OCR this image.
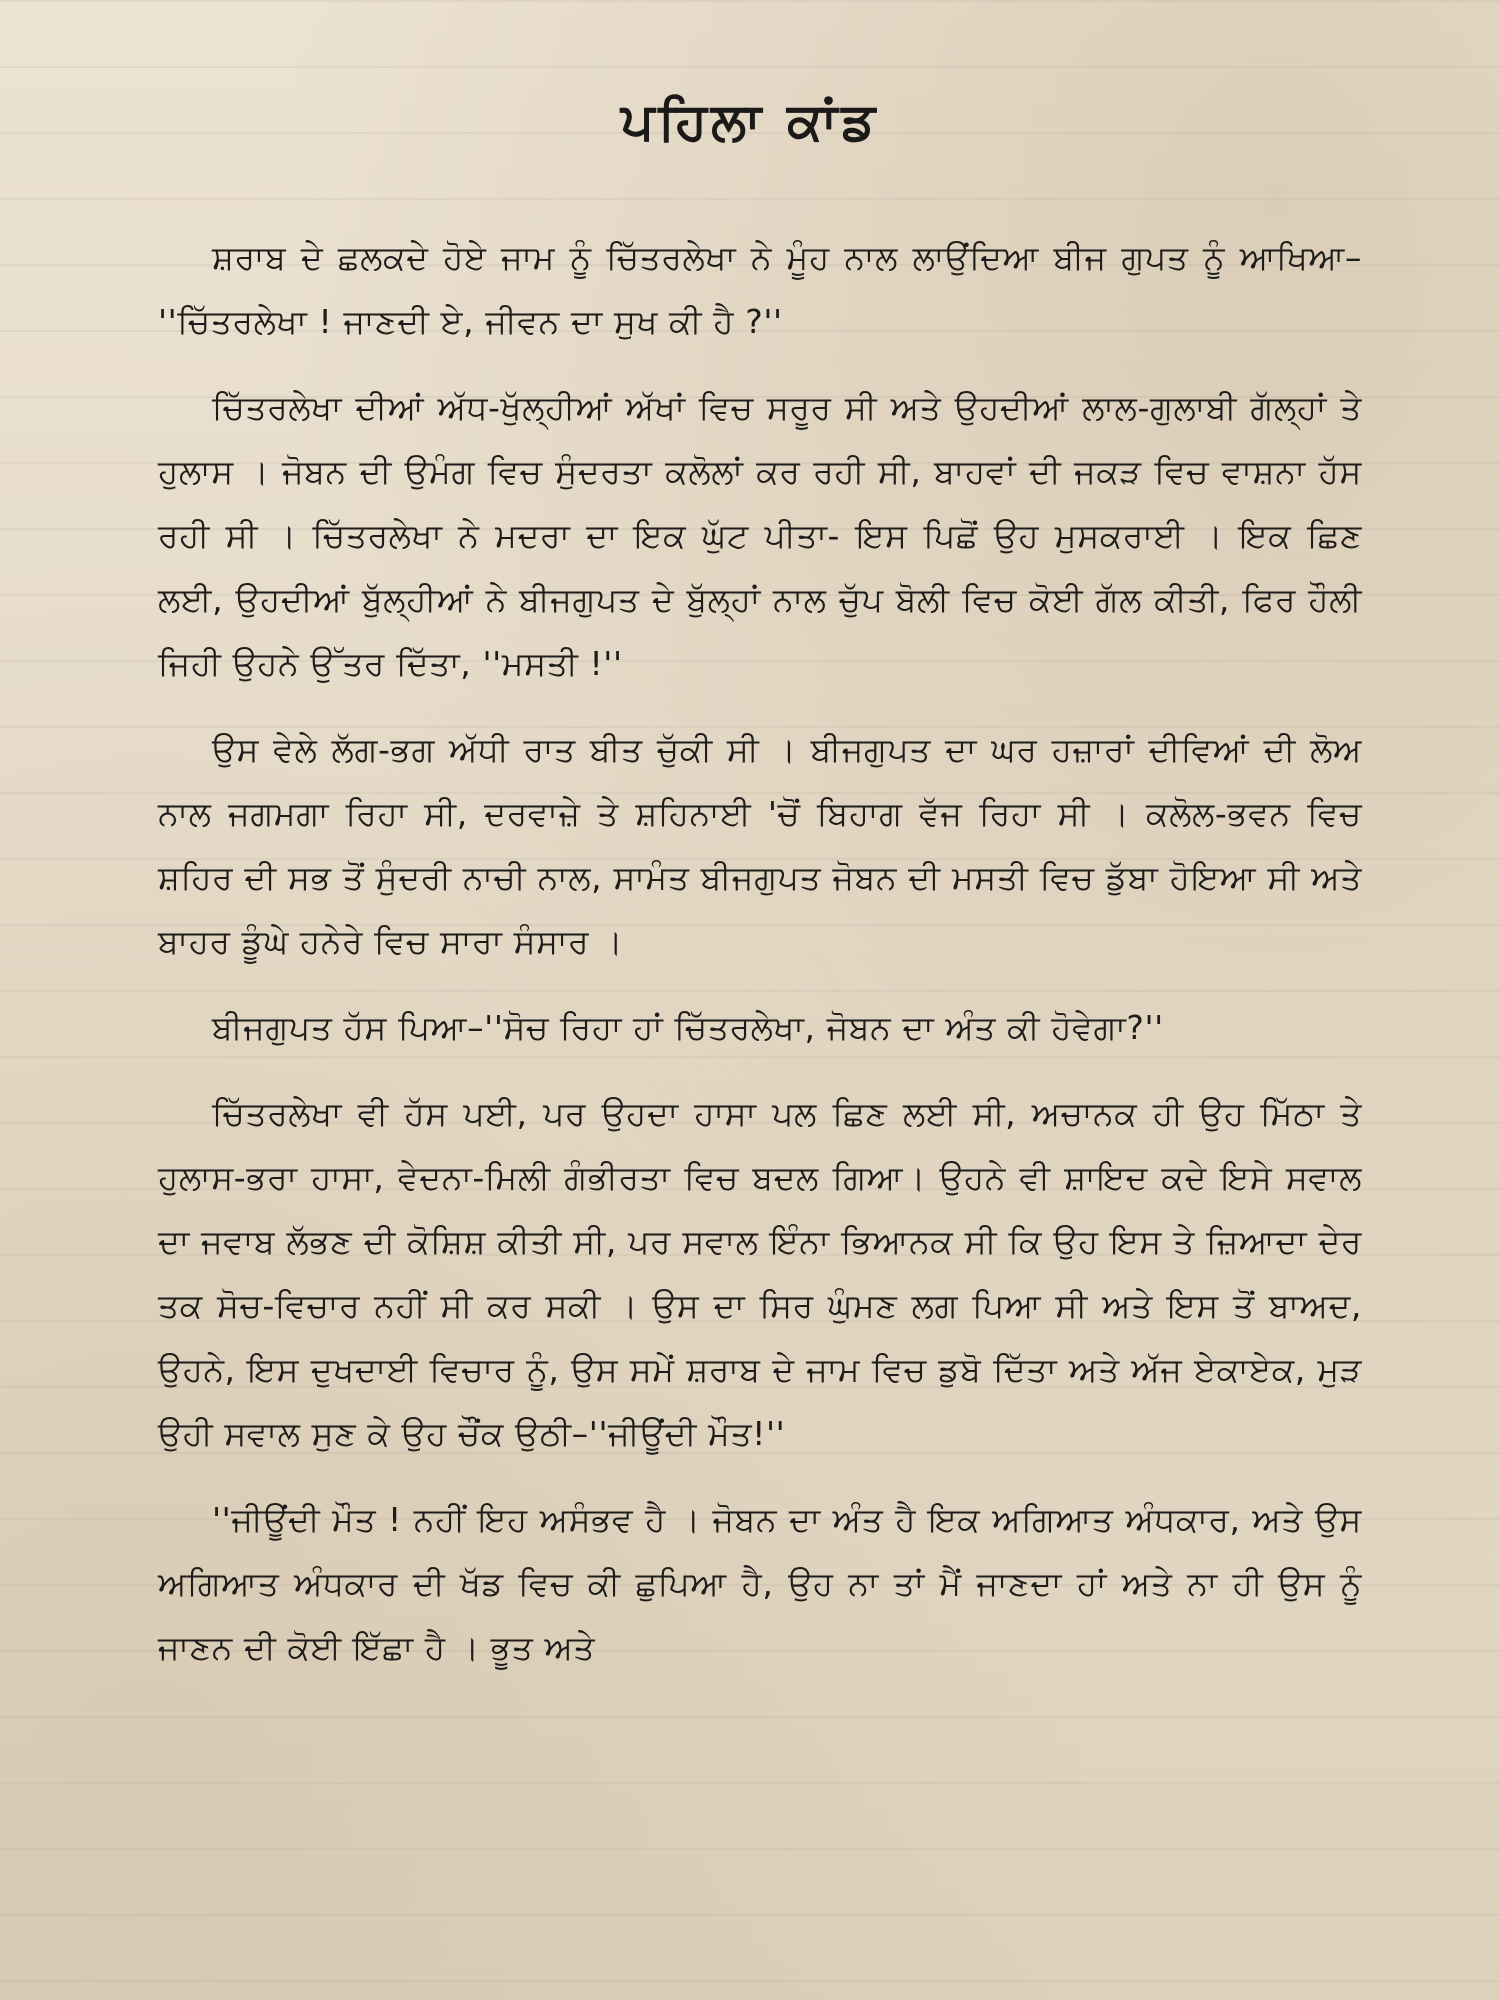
ਪਹਿਲਾ ਕਾਂਡ

ਸ਼ਰਾਬ ਦੇ ਛਲਕਦੇ ਹੋਏ ਜਾਮ ਨੂੰ ਚਿੱਤਰਲੇਖਾ ਨੇ ਮੂੰਹ ਨਾਲ ਲਾਉਂਦਿਆ ਬੀਜ ਗੁਪਤ ਨੂੰ ਆਖਿਆ– ''ਚਿੱਤਰਲੇਖਾ ! ਜਾਣਦੀ ਏ, ਜੀਵਨ ਦਾ ਸੁਖ ਕੀ ਹੈ ?''

ਚਿੱਤਰਲੇਖਾ ਦੀਆਂ ਅੱਧ-ਖੁੱਲ੍ਹੀਆਂ ਅੱਖਾਂ ਵਿਚ ਸਰੂਰ ਸੀ ਅਤੇ ਉਹਦੀਆਂ ਲਾਲ-ਗੁਲਾਬੀ ਗੱਲ੍ਹਾਂ ਤੇ ਹੁਲਾਸ । ਜੋਬਨ ਦੀ ਉਮੰਗ ਵਿਚ ਸੁੰਦਰਤਾ ਕਲੋਲਾਂ ਕਰ ਰਹੀ ਸੀ, ਬਾਹਵਾਂ ਦੀ ਜਕੜ ਵਿਚ ਵਾਸ਼ਨਾ ਹੱਸ ਰਹੀ ਸੀ । ਚਿੱਤਰਲੇਖਾ ਨੇ ਮਦਰਾ ਦਾ ਇਕ ਘੁੱਟ ਪੀਤਾ- ਇਸ ਪਿਛੋਂ ਉਹ ਮੁਸਕਰਾਈ । ਇਕ ਛਿਣ ਲਈ, ਉਹਦੀਆਂ ਬੁੱਲ੍ਹੀਆਂ ਨੇ ਬੀਜਗੁਪਤ ਦੇ ਬੁੱਲ੍ਹਾਂ ਨਾਲ ਚੁੱਪ ਬੋਲੀ ਵਿਚ ਕੋਈ ਗੱਲ ਕੀਤੀ, ਫਿਰ ਹੌਲੀ ਜਿਹੀ ਉਹਨੇ ਉੱਤਰ ਦਿੱਤਾ, ''ਮਸਤੀ !''

ਉਸ ਵੇਲੇ ਲੱਗ-ਭਗ ਅੱਧੀ ਰਾਤ ਬੀਤ ਚੁੱਕੀ ਸੀ । ਬੀਜਗੁਪਤ ਦਾ ਘਰ ਹਜ਼ਾਰਾਂ ਦੀਵਿਆਂ ਦੀ ਲੋਅ ਨਾਲ ਜਗਮਗਾ ਰਿਹਾ ਸੀ, ਦਰਵਾਜ਼ੇ ਤੇ ਸ਼ਹਿਨਾਈ 'ਚੋਂ ਬਿਹਾਗ ਵੱਜ ਰਿਹਾ ਸੀ । ਕਲੋਲ-ਭਵਨ ਵਿਚ ਸ਼ਹਿਰ ਦੀ ਸਭ ਤੋਂ ਸੁੰਦਰੀ ਨਾਚੀ ਨਾਲ, ਸਾਮੰਤ ਬੀਜਗੁਪਤ ਜੋਬਨ ਦੀ ਮਸਤੀ ਵਿਚ ਡੁੱਬਾ ਹੋਇਆ ਸੀ ਅਤੇ ਬਾਹਰ ਡੂੰਘੇ ਹਨੇਰੇ ਵਿਚ ਸਾਰਾ ਸੰਸਾਰ ।

ਬੀਜਗੁਪਤ ਹੱਸ ਪਿਆ–''ਸੋਚ ਰਿਹਾ ਹਾਂ ਚਿੱਤਰਲੇਖਾ, ਜੋਬਨ ਦਾ ਅੰਤ ਕੀ ਹੋਵੇਗਾ?''

ਚਿੱਤਰਲੇਖਾ ਵੀ ਹੱਸ ਪਈ, ਪਰ ਉਹਦਾ ਹਾਸਾ ਪਲ ਛਿਣ ਲਈ ਸੀ, ਅਚਾਨਕ ਹੀ ਉਹ ਮਿੱਠਾ ਤੇ ਹੁਲਾਸ-ਭਰਾ ਹਾਸਾ, ਵੇਦਨਾ-ਮਿਲੀ ਗੰਭੀਰਤਾ ਵਿਚ ਬਦਲ ਗਿਆ। ਉਹਨੇ ਵੀ ਸ਼ਾਇਦ ਕਦੇ ਇਸੇ ਸਵਾਲ ਦਾ ਜਵਾਬ ਲੱਭਣ ਦੀ ਕੋਸ਼ਿਸ਼ ਕੀਤੀ ਸੀ, ਪਰ ਸਵਾਲ ਇੰਨਾ ਭਿਆਨਕ ਸੀ ਕਿ ਉਹ ਇਸ ਤੇ ਜ਼ਿਆਦਾ ਦੇਰ ਤਕ ਸੋਚ-ਵਿਚਾਰ ਨਹੀਂ ਸੀ ਕਰ ਸਕੀ । ਉਸ ਦਾ ਸਿਰ ਘੁੰਮਣ ਲਗ ਪਿਆ ਸੀ ਅਤੇ ਇਸ ਤੋਂ ਬਾਅਦ, ਉਹਨੇ, ਇਸ ਦੁਖਦਾਈ ਵਿਚਾਰ ਨੂੰ, ਉਸ ਸਮੇਂ ਸ਼ਰਾਬ ਦੇ ਜਾਮ ਵਿਚ ਡੁਬੋ ਦਿੱਤਾ ਅਤੇ ਅੱਜ ਏਕਾਏਕ, ਮੁੜ ਉਹੀ ਸਵਾਲ ਸੁਣ ਕੇ ਉਹ ਚੌਂਕ ਉਠੀ–''ਜੀਊਂਦੀ ਮੌਤ!''

''ਜੀਊਂਦੀ ਮੌਤ ! ਨਹੀਂ ਇਹ ਅਸੰਭਵ ਹੈ । ਜੋਬਨ ਦਾ ਅੰਤ ਹੈ ਇਕ ਅਗਿਆਤ ਅੰਧਕਾਰ, ਅਤੇ ਉਸ ਅਗਿਆਤ ਅੰਧਕਾਰ ਦੀ ਖੱਡ ਵਿਚ ਕੀ ਛੁਪਿਆ ਹੈ, ਉਹ ਨਾ ਤਾਂ ਮੈਂ ਜਾਣਦਾ ਹਾਂ ਅਤੇ ਨਾ ਹੀ ਉਸ ਨੂੰ ਜਾਣਨ ਦੀ ਕੋਈ ਇੱਛਾ ਹੈ । ਭੂਤ ਅਤੇ
